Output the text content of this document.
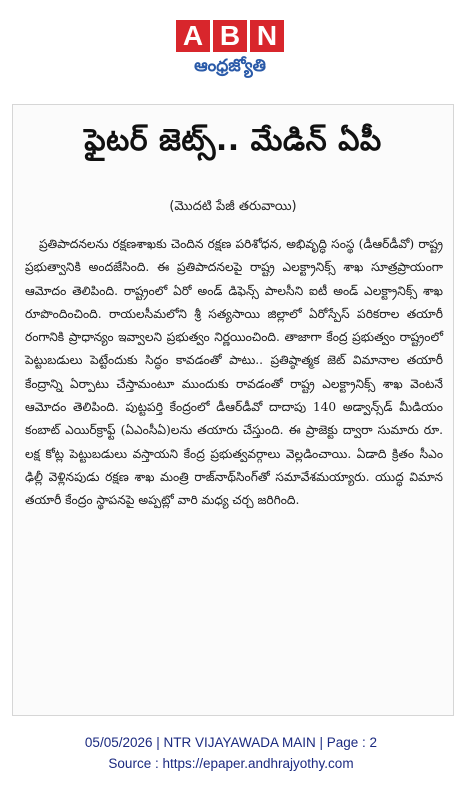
A B N
ఆంధ్రజ్యోతి
ఫైటర్ జెట్స్.. మేడిన్ ఏపీ
(మొదటి పేజీ తరువాయి)

ప్రతిపాదనలను రక్షణశాఖకు చెందిన రక్షణ పరిశోధన, అభివృద్ధి సంస్థ (డీఆర్‌డీవో) రాష్ట్ర ప్రభుత్వానికి అందజేసింది. ఈ ప్రతిపాదనలపై రాష్ట్ర ఎలక్ట్రానిక్స్ శాఖ సూత్రప్రాయంగా ఆమోదం తెలిపింది. రాష్ట్రంలో ఏరో అండ్ డిఫెన్స్ పాలసీని ఐటీ అండ్ ఎలక్ట్రానిక్స్ శాఖ రూపొందించింది. రాయలసీమలోని శ్రీ సత్యసాయి జిల్లాలో ఏరోస్పేస్ పరికరాల తయారీ రంగానికి ప్రాధాన్యం ఇవ్వాలని ప్రభుత్వం నిర్ణయించింది. తాజాగా కేంద్ర ప్రభుత్వం రాష్ట్రంలో పెట్టుబడులు పెట్టేందుకు సిద్ధం కావడంతో పాటు.. ప్రతిష్ఠాత్మక జెట్ విమానాల తయారీ కేంద్రాన్ని ఏర్పాటు చేస్తామంటూ ముందుకు రావడంతో రాష్ట్ర ఎలక్ట్రానిక్స్ శాఖ వెంటనే ఆమోదం తెలిపింది. పుట్టపర్తి కేంద్రంలో డీఆర్‌డీవో దాదాపు 140 అడ్వాన్స్‌డ్ మీడియం కంబాట్ ఎయిర్‌క్రాఫ్ట్ (ఏఎంసీఏ)లను తయారు చేస్తుంది. ఈ ప్రాజెక్టు ద్వారా సుమారు రూ. లక్ష కోట్ల పెట్టుబడులు వస్తాయని కేంద్ర ప్రభుత్వవర్గాలు వెల్లడించాయి. ఏడాది క్రితం సీఎం ఢిల్లీ వెళ్లినపుడు రక్షణ శాఖ మంత్రి రాజ్‌నాథ్‌సింగ్‌తో సమావేశమయ్యారు. యుద్ధ విమాన తయారీ కేంద్రం స్థాపనపై అప్పట్లో వారి మధ్య చర్చ జరిగింది.

05/05/2026 | NTR VIJAYAWADA MAIN | Page : 2
Source : https://epaper.andhrajyothy.com
